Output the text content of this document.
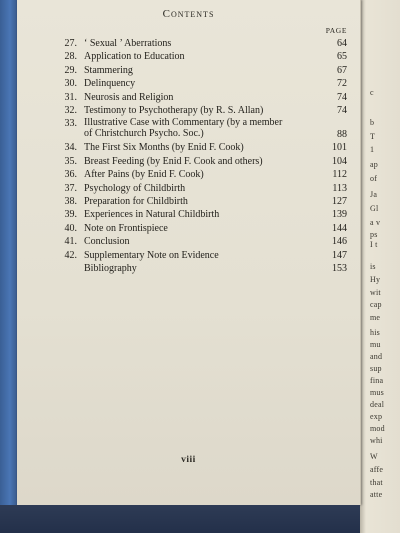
c
b
T
1
ap
of
Ja
Gl
a v
ps
I t
is
Hy
wit
cap
me
his
mu
and
sup
fina
mus
deal
exp
mod
whi
W
affe
that
atte
Contents
PAGE
27. ‘ Sexual ’ Aberrations	64
28. Application to Education	65
29. Stammering	67
30. Delinquency	72
31. Neurosis and Religion	74
32. Testimony to Psychotherapy (by R. S. Allan)	74
33. Illustrative Case with Commentary (by a member
of Christchurch Psycho. Soc.)	88
34. The First Six Months (by Enid F. Cook)	101
35. Breast Feeding (by Enid F. Cook and others)	104
36. After Pains (by Enid F. Cook)	112
37. Psychology of Childbirth	113
38. Preparation for Childbirth	127
39. Experiences in Natural Childbirth	139
40. Note on Frontispiece	144
41. Conclusion	146
42. Supplementary Note on Evidence	147
Bibliography	153
viii
